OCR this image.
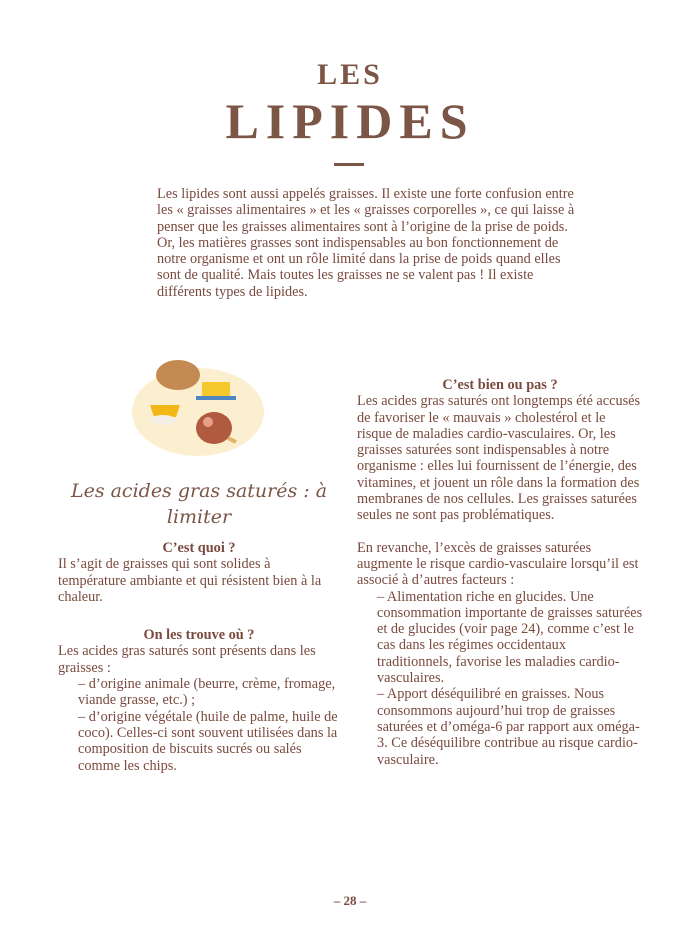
LES
LIPIDES

Les lipides sont aussi appelés graisses. Il existe une forte confusion entre les « graisses alimentaires » et les « graisses corporelles », ce qui laisse à penser que les graisses alimentaires sont à l’origine de la prise de poids. Or, les matières grasses sont indispensables au bon fonctionnement de notre organisme et ont un rôle limité dans la prise de poids quand elles sont de qualité. Mais toutes les graisses ne se valent pas ! Il existe différents types de lipides.

Les acides gras saturés : à limiter

C’est quoi ?

Il s’agit de graisses qui sont solides à température ambiante et qui résistent bien à la chaleur.

On les trouve où ?

Les acides gras saturés sont présents dans les graisses :

– d’origine animale (beurre, crème, fromage, viande grasse, etc.) ;

– d’origine végétale (huile de palme, huile de coco). Celles-ci sont souvent utilisées dans la composition de biscuits sucrés ou salés comme les chips.

C’est bien ou pas ?

Les acides gras saturés ont longtemps été accusés de favoriser le « mauvais » cholestérol et le risque de maladies cardio-vasculaires. Or, les graisses saturées sont indispensables à notre organisme : elles lui fournissent de l’énergie, des vitamines, et jouent un rôle dans la formation des membranes de nos cellules. Les graisses saturées seules ne sont pas problématiques.

En revanche, l’excès de graisses saturées augmente le risque cardio-vasculaire lorsqu’il est associé à d’autres facteurs :

– Alimentation riche en glucides. Une consommation importante de graisses saturées et de glucides (voir page 24), comme c’est le cas dans les régimes occidentaux traditionnels, favorise les maladies cardio-vasculaires.

– Apport déséquilibré en graisses. Nous consommons aujourd’hui trop de graisses saturées et d’oméga-6 par rapport aux oméga-3. Ce déséquilibre contribue au risque cardio-vasculaire.

– 28 –
